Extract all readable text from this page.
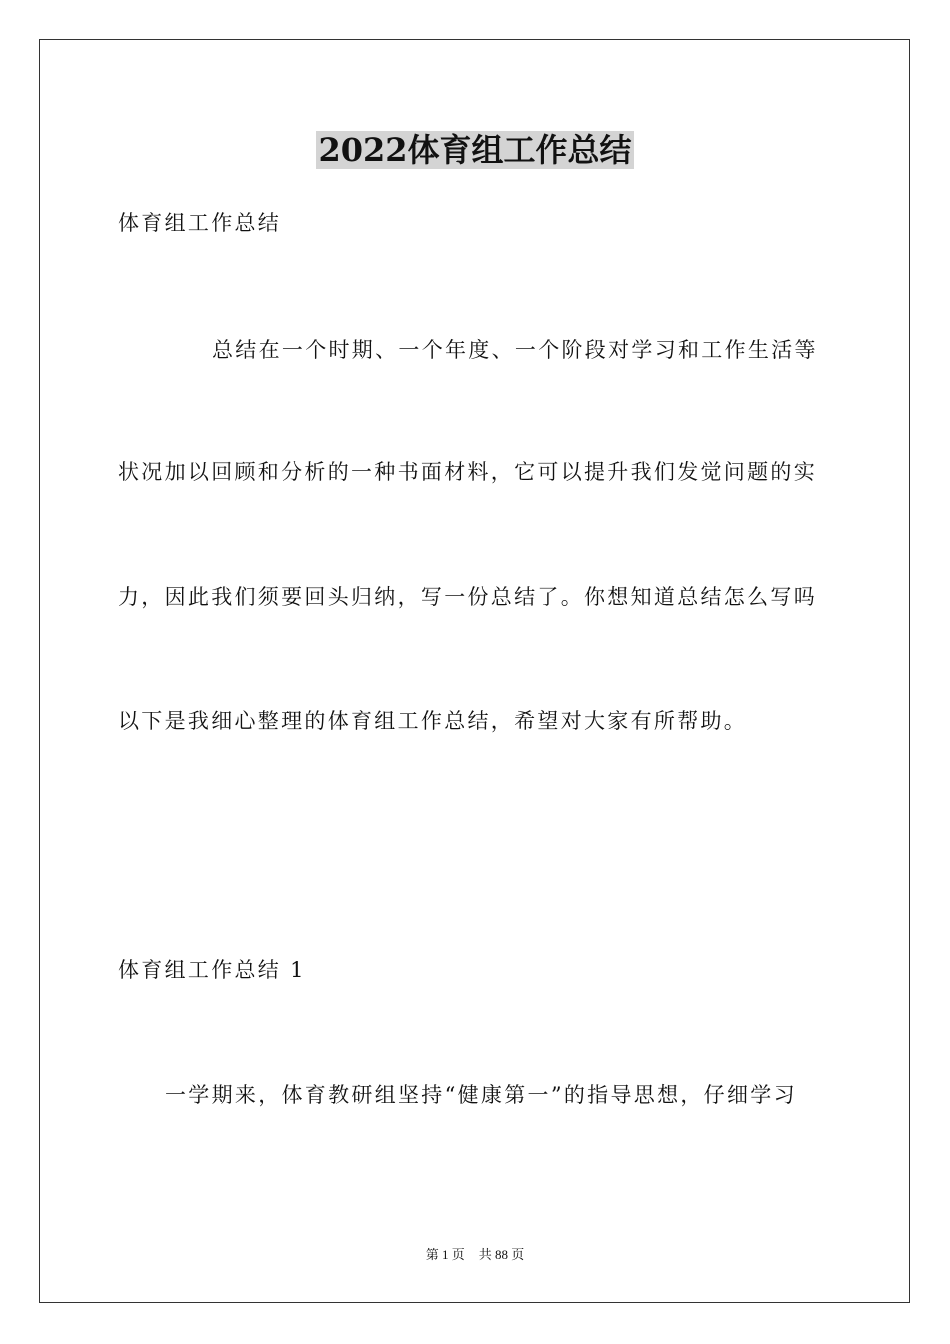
2022体育组工作总结
体育组工作总结
总结在一个时期、一个年度、一个阶段对学习和工作生活等
状况加以回顾和分析的一种书面材料，它可以提升我们发觉问题的实
力，因此我们须要回头归纳，写一份总结了。你想知道总结怎么写吗
以下是我细心整理的体育组工作总结，希望对大家有所帮助。
体育组工作总结 1
一学期来，体育教研组坚持“健康第一”的指导思想，仔细学习
第 1 页 共 88 页
